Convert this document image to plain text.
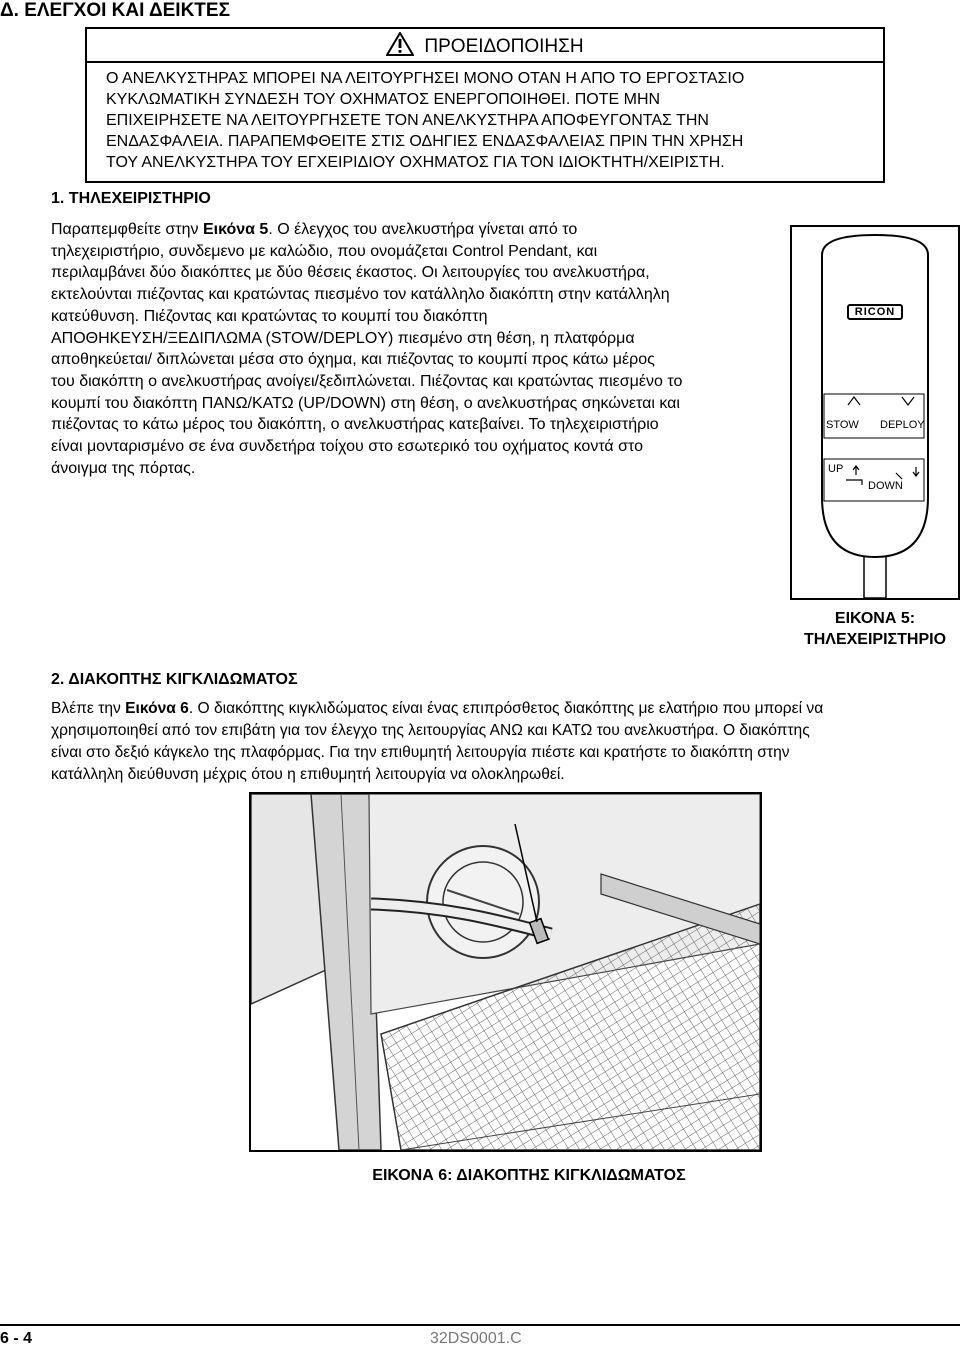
Δ. ΕΛΕΓΧΟΙ ΚΑΙ ΔΕΙΚΤΕΣ
ΠΡΟΕΙΔΟΠΟΙΗΣΗ
Ο ΑΝΕΛΚΥΣΤΗΡΑΣ ΜΠΟΡΕΙ ΝΑ ΛΕΙΤΟΥΡΓΗΣΕΙ ΜΟΝΟ ΟΤΑΝ Η ΑΠΟ ΤΟ ΕΡΓΟΣΤΑΣΙΟ
ΚΥΚΛΩΜΑΤΙΚΗ ΣΥΝΔΕΣΗ ΤΟΥ ΟΧΗΜΑΤΟΣ ΕΝΕΡΓΟΠΟΙΗΘΕΙ. ΠΟΤΕ ΜΗΝ
ΕΠΙΧΕΙΡΗΣΕΤΕ ΝΑ ΛΕΙΤΟΥΡΓΗΣΕΤΕ ΤΟΝ ΑΝΕΛΚΥΣΤΗΡΑ ΑΠΟΦΕΥΓΟΝΤΑΣ ΤΗΝ
ΕΝΔΑΣΦΑΛΕΙΑ. ΠΑΡΑΠΕΜΦΘΕΙΤΕ ΣΤΙΣ ΟΔΗΓΙΕΣ ΕΝΔΑΣΦΑΛΕΙΑΣ ΠΡΙΝ ΤΗΝ ΧΡΗΣΗ
ΤΟΥ ΑΝΕΛΚΥΣΤΗΡΑ ΤΟΥ ΕΓΧΕΙΡΙΔΙΟΥ ΟΧΗΜΑΤΟΣ ΓΙΑ ΤΟΝ ΙΔΙΟΚΤΗΤΗ/ΧΕΙΡΙΣΤΗ.
1. ΤΗΛΕΧΕΙΡΙΣΤΗΡΙΟ
Παραπεμφθείτε στην Εικόνα 5. Ο έλεγχος του ανελκυστήρα γίνεται από το
τηλεχειριστήριο, συνδεμενο με καλώδιο, που ονομάζεται Control Pendant, και
περιλαμβάνει δύο διακόπτες με δύο θέσεις έκαστος. Οι λειτουργίες του ανελκυστήρα,
εκτελούνται πιέζοντας και κρατώντας πιεσμένο τον κατάλληλο διακόπτη στην κατάλληλη
κατεύθυνση. Πιέζοντας και κρατώντας το κουμπί του διακόπτη
ΑΠΟΘΗΚΕΥΣΗ/ΞΕΔΙΠΛΩΜΑ (STOW/DEPLOY) πιεσμένο στη θέση, η πλατφόρμα
αποθηκεύεται/ διπλώνεται μέσα στο όχημα, και πιέζοντας το κουμπί προς κάτω μέρος
του διακόπτη ο ανελκυστήρας ανοίγει/ξεδιπλώνεται. Πιέζοντας και κρατώντας πιεσμένο το
κουμπί του διακόπτη ΠΑΝΩ/ΚΑΤΩ (UP/DOWN) στη θέση, ο ανελκυστήρας σηκώνεται και
πιέζοντας το κάτω μέρος του διακόπτη, ο ανελκυστήρας κατεβαίνει. Το τηλεχειριστήριο
είναι μονταρισμένο σε ένα συνδετήρα τοίχου στο εσωτερικό του οχήματος κοντά στο
άνοιγμα της πόρτας.
RICON
STOW DEPLOY
UP
DOWN
ΕΙΚΟΝΑ 5:
ΤΗΛΕΧΕΙΡΙΣΤΗΡΙΟ
2. ΔΙΑΚΟΠΤΗΣ ΚΙΓΚΛΙΔΩΜΑΤΟΣ
Βλέπε την Εικόνα 6. Ο διακόπτης κιγκλιδώματος είναι ένας επιπρόσθετος διακόπτης με ελατήριο που μπορεί να
χρησιμοποιηθεί από τον επιβάτη για τον έλεγχο της λειτουργίας ΑΝΩ και ΚΑΤΩ του ανελκυστήρα. Ο διακόπτης
είναι στο δεξιό κάγκελο της πλαφόρμας. Για την επιθυμητή λειτουργία πιέστε και κρατήστε το διακόπτη στην
κατάλληλη διεύθυνση μέχρις ότου η επιθυμητή λειτουργία να ολοκληρωθεί.
ΕΙΚΟΝΑ 6: ΔΙΑΚΟΠΤΗΣ ΚΙΓΚΛΙΔΩΜΑΤΟΣ
6 - 4	32DS0001.C
